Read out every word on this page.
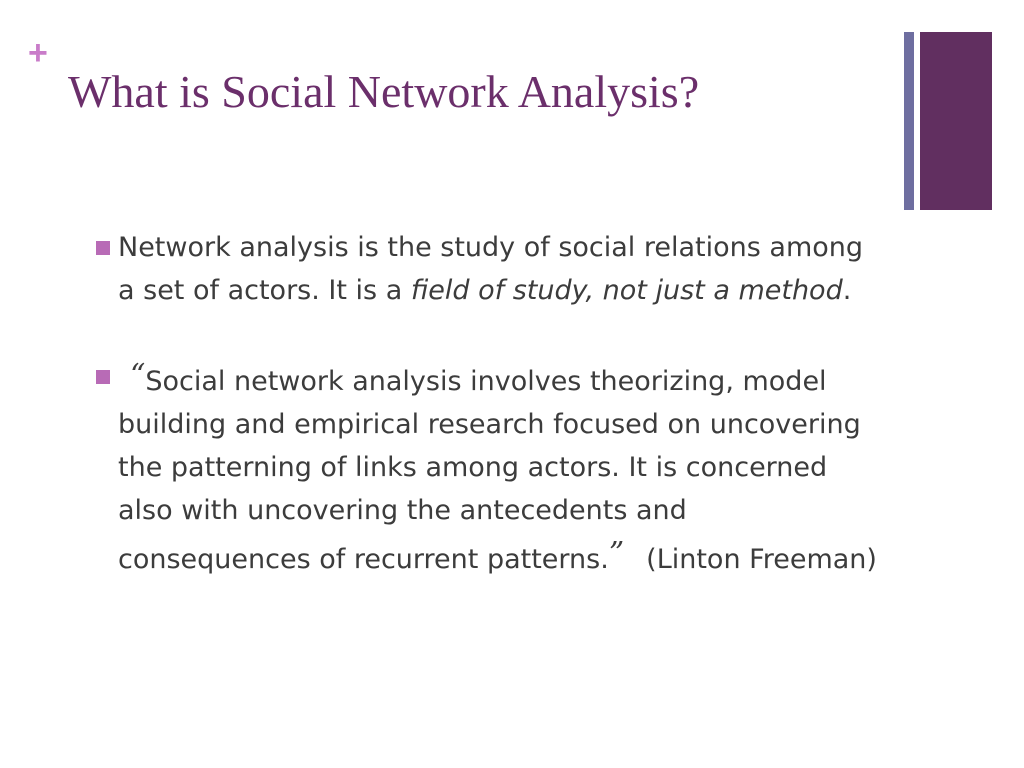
+
What is Social Network Analysis?
Network analysis is the study of social relations among a set of actors. It is a field of study, not just a method.
“Social network analysis involves theorizing, model building and empirical research focused on uncovering the patterning of links among actors. It is concerned also with uncovering the antecedents and consequences of recurrent patterns.” (Linton Freeman)
